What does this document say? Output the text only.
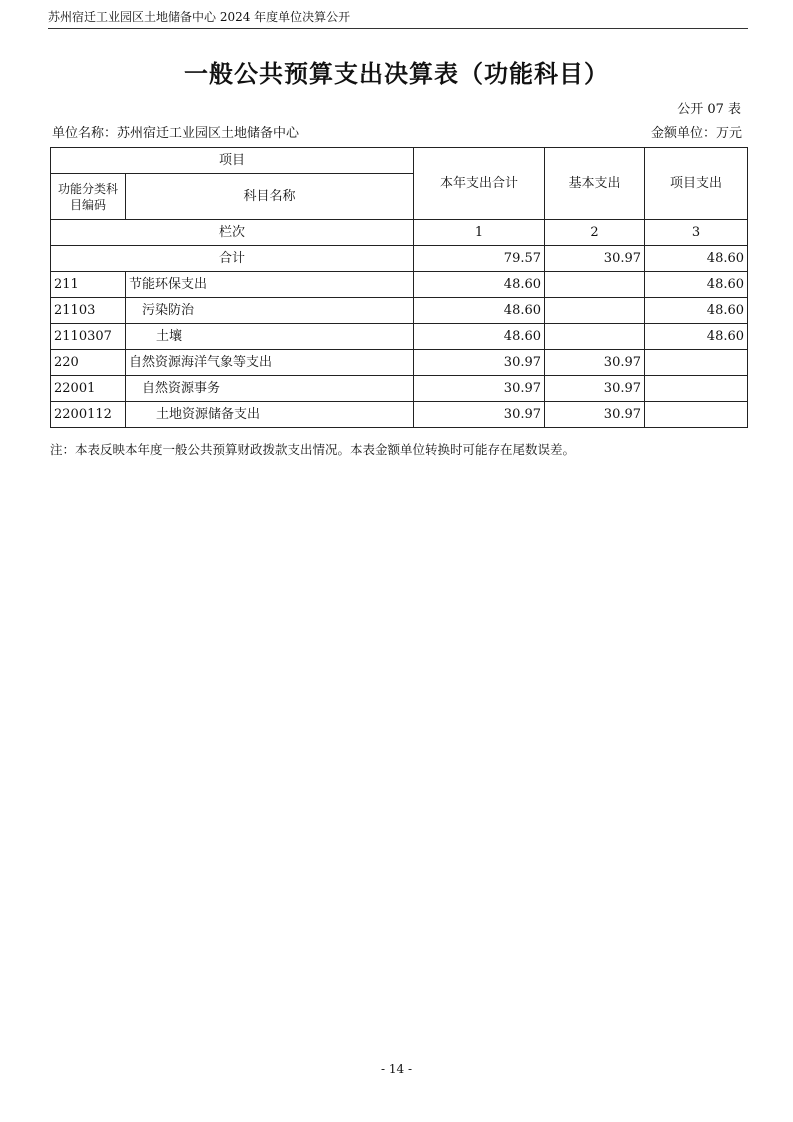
苏州宿迁工业园区土地储备中心 2024 年度单位决算公开
一般公共预算支出决算表（功能科目）
公开 07 表
单位名称：苏州宿迁工业园区土地储备中心	金额单位：万元
项目		本年支出合计	基本支出	项目支出
功能分类科目编码	科目名称			
栏次		1	2	3
合计		79.57	30.97	48.60
211	节能环保支出	48.60		48.60
21103	污染防治	48.60		48.60
2110307	土壤	48.60		48.60
220	自然资源海洋气象等支出	30.97	30.97	
22001	自然资源事务	30.97	30.97	
2200112	土地资源储备支出	30.97	30.97	
注：本表反映本年度一般公共预算财政拨款支出情况。本表金额单位转换时可能存在尾数误差。
- 14 -
